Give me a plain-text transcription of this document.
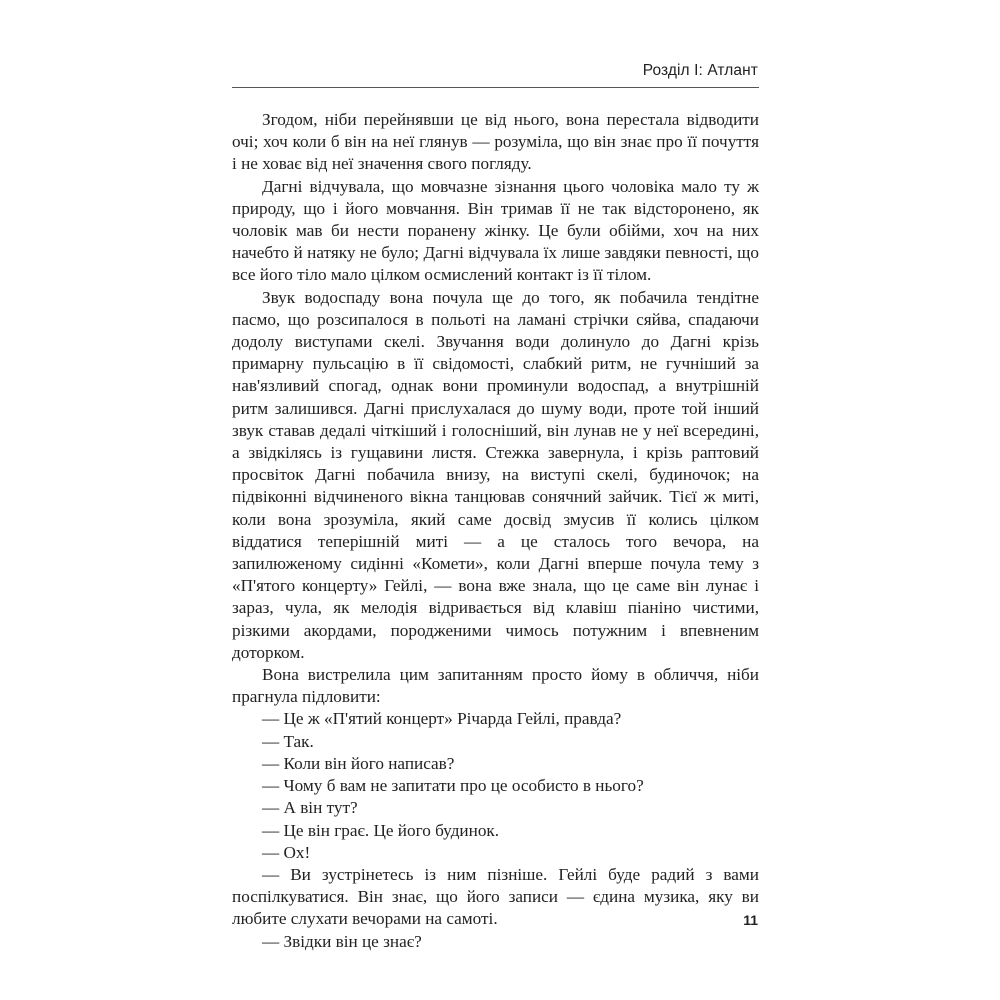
Розділ І: Атлант

Згодом, ніби перейнявши це від нього, вона перестала відводити очі; хоч коли б він на неї глянув — розуміла, що він знає про її почуття і не ховає від неї значення свого погляду.

Дагні відчувала, що мовчазне зізнання цього чоловіка мало ту ж природу, що і його мовчання. Він тримав її не так відсторонено, як чоловік мав би нести поранену жінку. Це були обійми, хоч на них начебто й натяку не було; Дагні відчувала їх лише завдяки певності, що все його тіло мало цілком осмислений контакт із її тілом.

Звук водоспаду вона почула ще до того, як побачила тендітне пасмо, що розсипалося в польоті на ламані стрічки сяйва, спадаючи додолу виступами скелі. Звучання води долинуло до Дагні крізь примарну пульсацію в її свідомості, слабкий ритм, не гучніший за нав'язливий спогад, однак вони проминули водоспад, а внутрішній ритм залишився. Дагні прислухалася до шуму води, проте той інший звук ставав дедалі чіткіший і голосніший, він лунав не у неї всередині, а звідкілясь із гущавини листя. Стежка завернула, і крізь раптовий просвіток Дагні побачила внизу, на виступі скелі, будиночок; на підвіконні відчиненого вікна танцював сонячний зайчик. Тієї ж миті, коли вона зрозуміла, який саме досвід змусив її колись цілком віддатися теперішній миті — а це сталось того вечора, на запилюженому сидінні «Комети», коли Дагні вперше почула тему з «П'ятого концерту» Гейлі, — вона вже знала, що це саме він лунає і зараз, чула, як мелодія відривається від клавіш піаніно чистими, різкими акордами, породженими чимось потужним і впевненим доторком.

Вона вистрелила цим запитанням просто йому в обличчя, ніби прагнула підловити:

— Це ж «П'ятий концерт» Річарда Гейлі, правда?

— Так.

— Коли він його написав?

— Чому б вам не запитати про це особисто в нього?

— А він тут?

— Це він грає. Це його будинок.

— Ох!

— Ви зустрінетесь із ним пізніше. Гейлі буде радий з вами поспілкуватися. Він знає, що його записи — єдина музика, яку ви любите слухати вечорами на самоті.

— Звідки він це знає?

11
